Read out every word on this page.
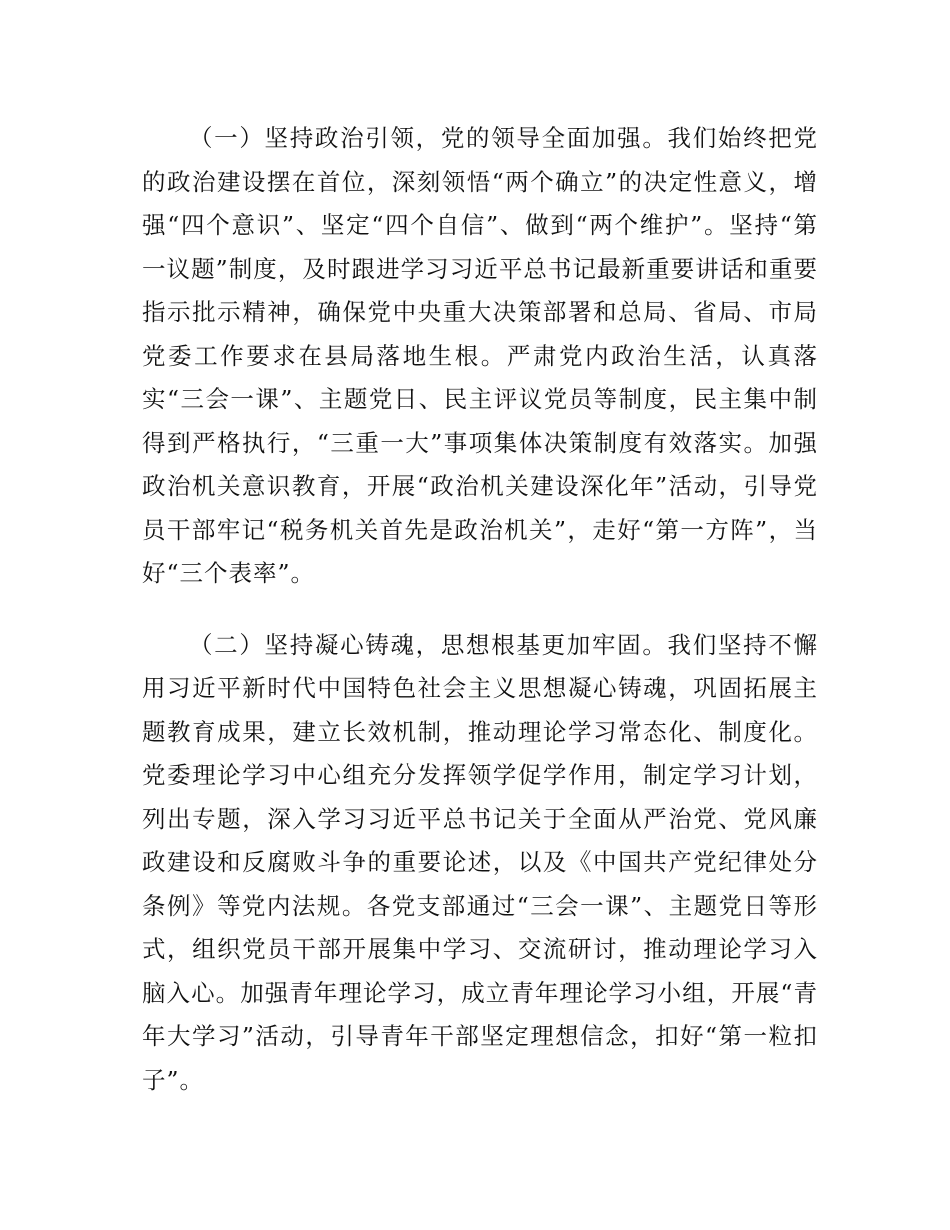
（一）坚持政治引领，党的领导全面加强。我们始终把党的政治建设摆在首位，深刻领悟“两个确立”的决定性意义，增强“四个意识”、坚定“四个自信”、做到“两个维护”。坚持“第一议题”制度，及时跟进学习习近平总书记最新重要讲话和重要指示批示精神，确保党中央重大决策部署和总局、省局、市局党委工作要求在县局落地生根。严肃党内政治生活，认真落实“三会一课”、主题党日、民主评议党员等制度，民主集中制得到严格执行，“三重一大”事项集体决策制度有效落实。加强政治机关意识教育，开展“政治机关建设深化年”活动，引导党员干部牢记“税务机关首先是政治机关”，走好“第一方阵”，当好“三个表率”。

（二）坚持凝心铸魂，思想根基更加牢固。我们坚持不懈用习近平新时代中国特色社会主义思想凝心铸魂，巩固拓展主题教育成果，建立长效机制，推动理论学习常态化、制度化。党委理论学习中心组充分发挥领学促学作用，制定学习计划，列出专题，深入学习习近平总书记关于全面从严治党、党风廉政建设和反腐败斗争的重要论述，以及《中国共产党纪律处分条例》等党内法规。各党支部通过“三会一课”、主题党日等形式，组织党员干部开展集中学习、交流研讨，推动理论学习入脑入心。加强青年理论学习，成立青年理论学习小组，开展“青年大学习”活动，引导青年干部坚定理想信念，扣好“第一粒扣子”。
